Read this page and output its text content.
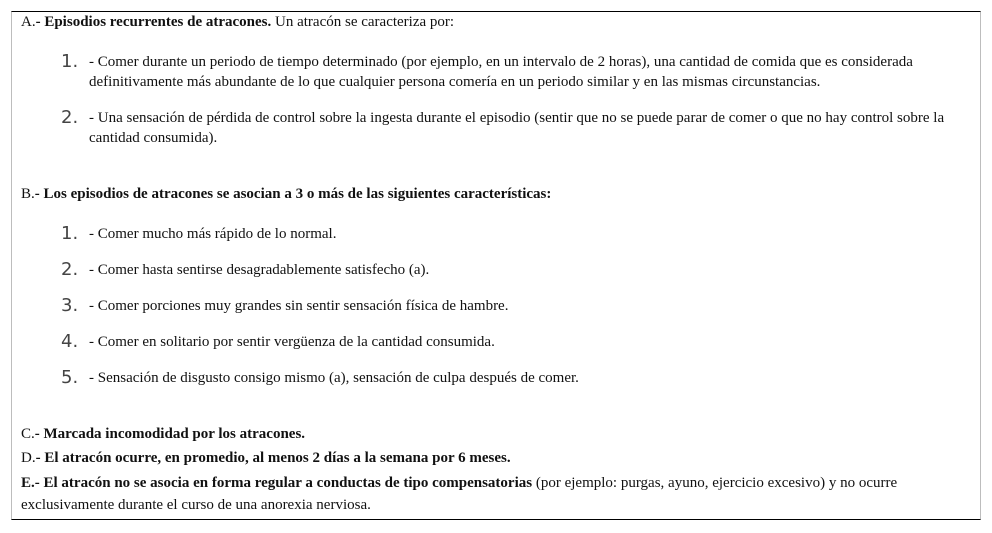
A.- Episodios recurrentes de atracones. Un atracón se caracteriza por:
1. - Comer durante un periodo de tiempo determinado (por ejemplo, en un intervalo de 2 horas), una cantidad de comida que es considerada definitivamente más abundante de lo que cualquier persona comería en un periodo similar y en las mismas circunstancias.
2. - Una sensación de pérdida de control sobre la ingesta durante el episodio (sentir que no se puede parar de comer o que no hay control sobre la cantidad consumida).
B.- Los episodios de atracones se asocian a 3 o más de las siguientes características:
1. - Comer mucho más rápido de lo normal.
2. - Comer hasta sentirse desagradablemente satisfecho (a).
3. - Comer porciones muy grandes sin sentir sensación física de hambre.
4. - Comer en solitario por sentir vergüenza de la cantidad consumida.
5. - Sensación de disgusto consigo mismo (a), sensación de culpa después de comer.
C.- Marcada incomodidad por los atracones.
D.- El atracón ocurre, en promedio, al menos 2 días a la semana por 6 meses.
E.- El atracón no se asocia en forma regular a conductas de tipo compensatorias (por ejemplo: purgas, ayuno, ejercicio excesivo) y no ocurre exclusivamente durante el curso de una anorexia nerviosa.
